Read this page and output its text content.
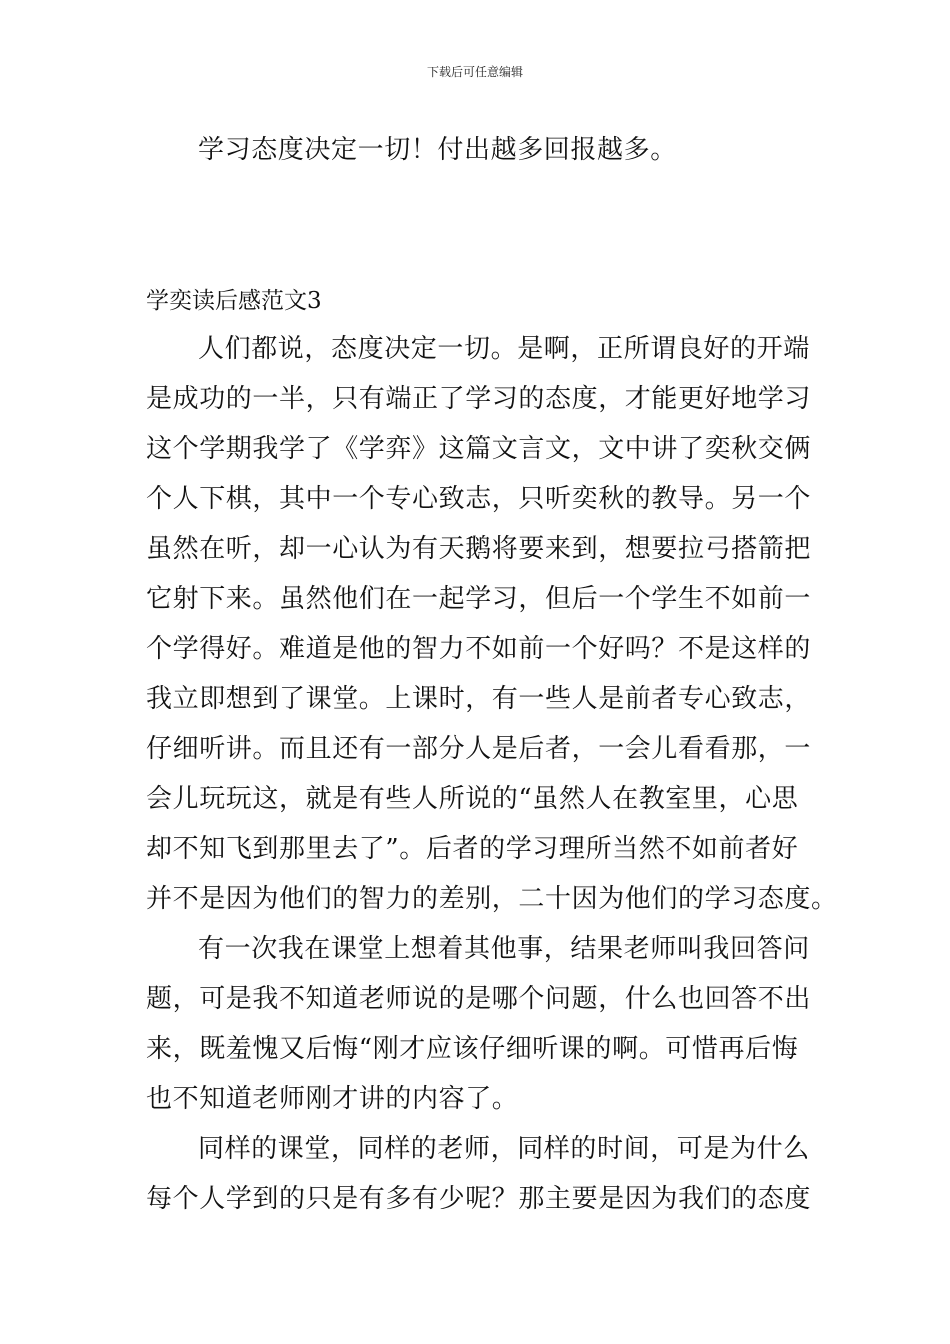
下载后可任意编辑
学习态度决定一切！付出越多回报越多。
学奕读后感范文3
人们都说，态度决定一切。是啊，正所谓良好的开端
是成功的一半，只有端正了学习的态度，才能更好地学习
这个学期我学了《学弈》这篇文言文，文中讲了奕秋交俩
个人下棋，其中一个专心致志，只听奕秋的教导。另一个
虽然在听，却一心认为有天鹅将要来到，想要拉弓搭箭把
它射下来。虽然他们在一起学习，但后一个学生不如前一
个学得好。难道是他的智力不如前一个好吗？不是这样的
我立即想到了课堂。上课时，有一些人是前者专心致志，
仔细听讲。而且还有一部分人是后者，一会儿看看那，一
会儿玩玩这，就是有些人所说的“虽然人在教室里，心思
却不知飞到那里去了”。后者的学习理所当然不如前者好
并不是因为他们的智力的差别，二十因为他们的学习态度。
有一次我在课堂上想着其他事，结果老师叫我回答问
题，可是我不知道老师说的是哪个问题，什么也回答不出
来，既羞愧又后悔“刚才应该仔细听课的啊。可惜再后悔
也不知道老师刚才讲的内容了。
同样的课堂，同样的老师，同样的时间，可是为什么
每个人学到的只是有多有少呢？那主要是因为我们的态度
